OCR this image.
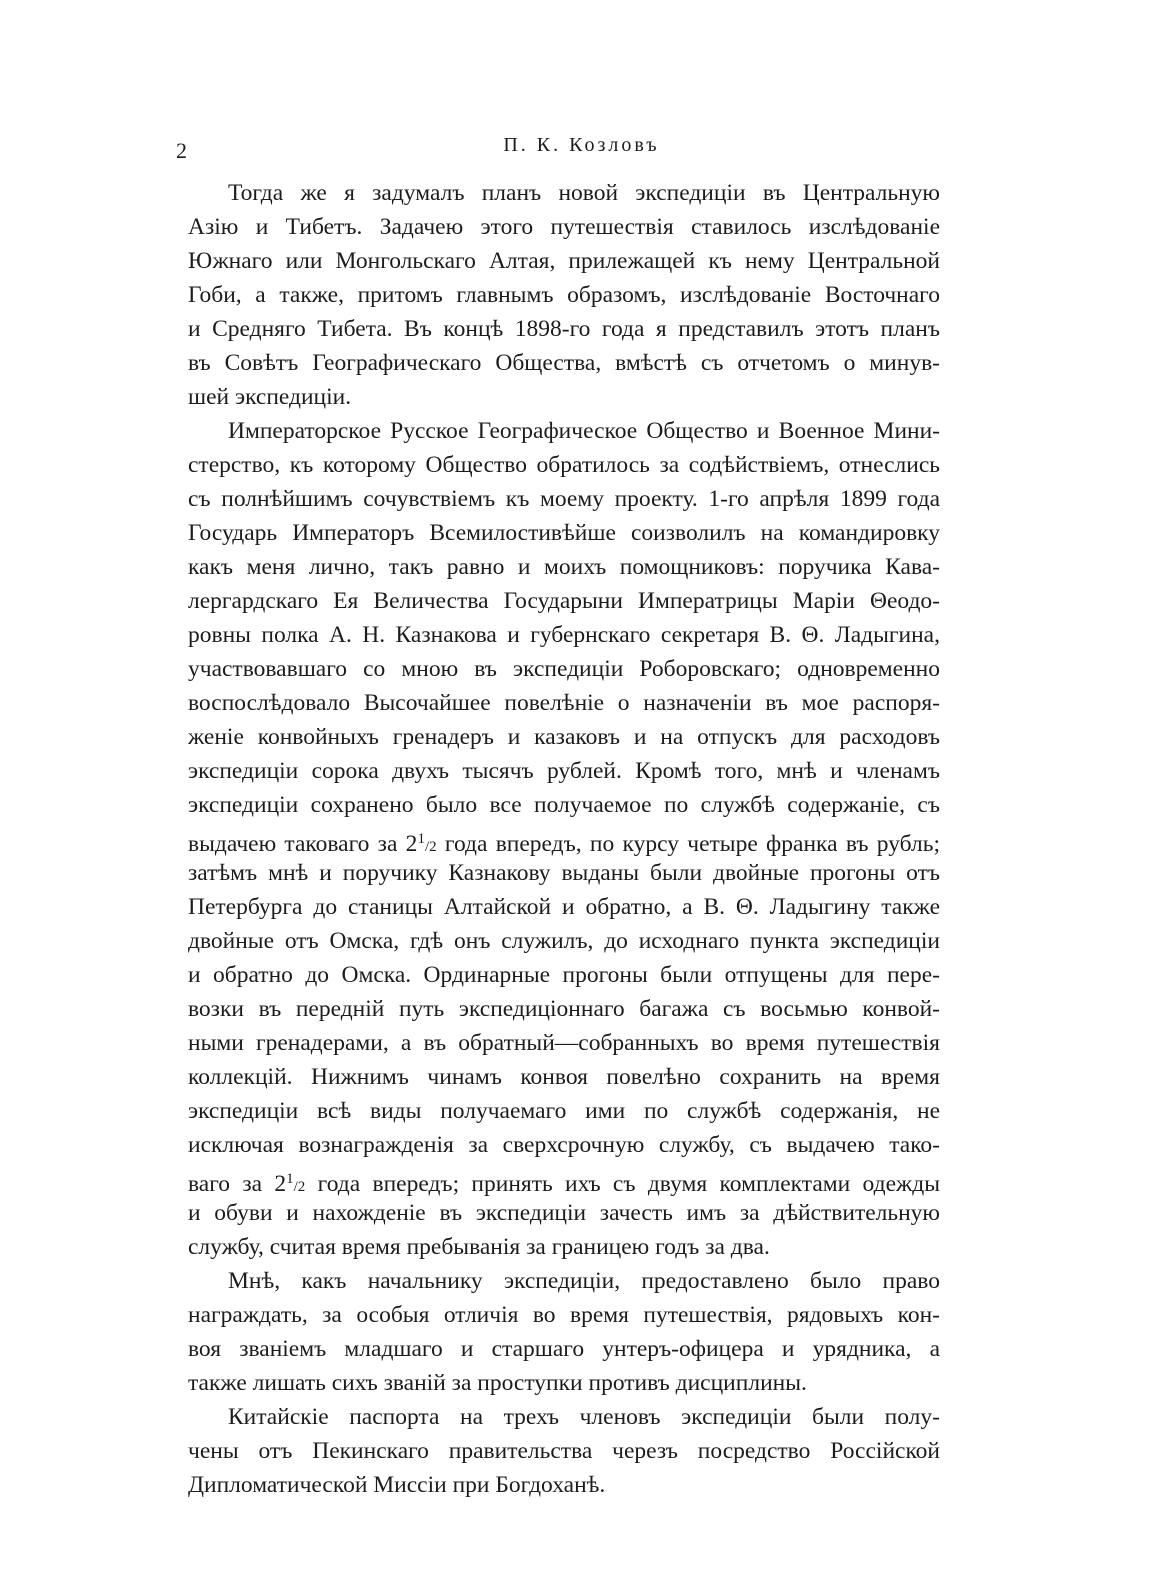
2	П. К. Козловъ
Тогда же я задумалъ планъ новой экспедиціи въ Центральную
Азію и Тибетъ. Задачею этого путешествія ставилось изслѣдованіе
Южнаго или Монгольскаго Алтая, прилежащей къ нему Центральной
Гоби, а также, притомъ главнымъ образомъ, изслѣдованіе Восточнаго
и Средняго Тибета. Въ концѣ 1898-го года я представилъ этотъ планъ
въ Совѣтъ Географическаго Общества, вмѣстѣ съ отчетомъ о минув-
шей экспедиціи.
Императорское Русское Географическое Общество и Военное Мини-
стерство, къ которому Общество обратилось за содѣйствіемъ, отнеслись
съ полнѣйшимъ сочувствіемъ къ моему проекту. 1-го апрѣля 1899 года
Государь Императоръ Всемилостивѣйше соизволилъ на командировку
какъ меня лично, такъ равно и моихъ помощниковъ: поручика Кава-
лергардскаго Ея Величества Государыни Императрицы Маріи Θеодо-
ровны полка А. Н. Казнакова и губернскаго секретаря В. Θ. Ладыгина,
участвовавшаго со мною въ экспедиціи Роборовскаго; одновременно
воспослѣдовало Высочайшее повелѣніе о назначеніи въ мое распоря-
женіе конвойныхъ гренадеръ и казаковъ и на отпускъ для расходовъ
экспедиціи сорока двухъ тысячъ рублей. Кромѣ того, мнѣ и членамъ
экспедиціи сохранено было все получаемое по службѣ содержаніе, съ
выдачею таковаго за $2^1/2$ года впередъ, по курсу четыре франка въ рубль;
затѣмъ мнѣ и поручику Казнакову выданы были двойные прогоны отъ
Петербурга до станицы Алтайской и обратно, а В. Θ. Ладыгину также
двойные отъ Омска, гдѣ онъ служилъ, до исходнаго пункта экспедиціи
и обратно до Омска. Ординарные прогоны были отпущены для пере-
возки въ передній путь экспедиціоннаго багажа съ восьмью конвой-
ными гренадерами, а въ обратный—собранныхъ во время путешествія
коллекцій. Нижнимъ чинамъ конвоя повелѣно сохранить на время
экспедиціи всѣ виды получаемаго ими по службѣ содержанія, не
исключая вознагражденія за сверхсрочную службу, съ выдачею тако-
ваго за $2^1/2$ года впередъ; принять ихъ съ двумя комплектами одежды
и обуви и нахожденіе въ экспедиціи зачесть имъ за дѣйствительную
службу, считая время пребыванія за границею годъ за два.
Мнѣ, какъ начальнику экспедиціи, предоставлено было право
награждать, за особыя отличія во время путешествія, рядовыхъ кон-
воя званіемъ младшаго и старшаго унтеръ-офицера и урядника, а
также лишать сихъ званій за проступки противъ дисциплины.
Китайскіе паспорта на трехъ членовъ экспедиціи были полу-
чены отъ Пекинскаго правительства черезъ посредство Россійской
Дипломатической Миссіи при Богдоханѣ.
